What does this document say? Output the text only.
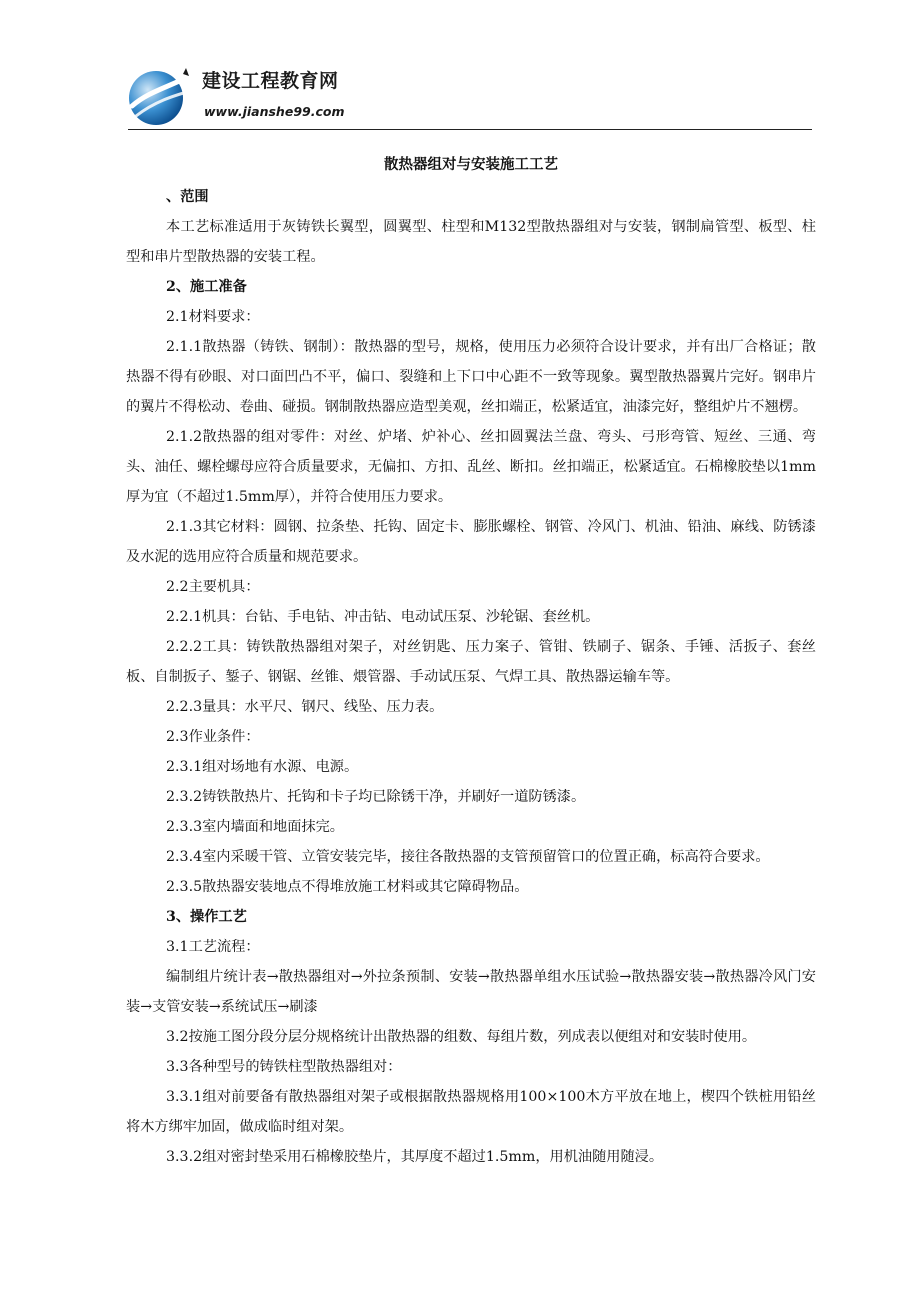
建设工程教育网
www.jianshe99.com
散热器组对与安装施工工艺
、范围
本工艺标准适用于灰铸铁长翼型，圆翼型、柱型和M132型散热器组对与安装，钢制扁管型、板型、柱型和串片型散热器的安装工程。
2、施工准备
2.1材料要求：
2.1.1散热器（铸铁、钢制）：散热器的型号，规格，使用压力必须符合设计要求，并有出厂合格证；散热器不得有砂眼、对口面凹凸不平，偏口、裂缝和上下口中心距不一致等现象。翼型散热器翼片完好。钢串片的翼片不得松动、卷曲、碰损。钢制散热器应造型美观，丝扣端正，松紧适宜，油漆完好，整组炉片不翘楞。
2.1.2散热器的组对零件：对丝、炉堵、炉补心、丝扣圆翼法兰盘、弯头、弓形弯管、短丝、三通、弯头、油任、螺栓螺母应符合质量要求，无偏扣、方扣、乱丝、断扣。丝扣端正，松紧适宜。石棉橡胶垫以1mm厚为宜（不超过1.5mm厚），并符合使用压力要求。
2.1.3其它材料：圆钢、拉条垫、托钩、固定卡、膨胀螺栓、钢管、冷风门、机油、铅油、麻线、防锈漆及水泥的选用应符合质量和规范要求。
2.2主要机具：
2.2.1机具：台钻、手电钻、冲击钻、电动试压泵、沙轮锯、套丝机。
2.2.2工具：铸铁散热器组对架子，对丝钥匙、压力案子、管钳、铁刷子、锯条、手锤、活扳子、套丝板、自制扳子、錾子、钢锯、丝锥、煨管器、手动试压泵、气焊工具、散热器运输车等。
2.2.3量具：水平尺、钢尺、线坠、压力表。
2.3作业条件：
2.3.1组对场地有水源、电源。
2.3.2铸铁散热片、托钩和卡子均已除锈干净，并刷好一道防锈漆。
2.3.3室内墙面和地面抹完。
2.3.4室内采暖干管、立管安装完毕，接往各散热器的支管预留管口的位置正确，标高符合要求。
2.3.5散热器安装地点不得堆放施工材料或其它障碍物品。
3、操作工艺
3.1工艺流程：
编制组片统计表→散热器组对→外拉条预制、安装→散热器单组水压试验→散热器安装→散热器冷风门安装→支管安装→系统试压→刷漆
3.2按施工图分段分层分规格统计出散热器的组数、每组片数，列成表以便组对和安装时使用。
3.3各种型号的铸铁柱型散热器组对：
3.3.1组对前要备有散热器组对架子或根据散热器规格用100×100木方平放在地上，楔四个铁桩用铅丝将木方绑牢加固，做成临时组对架。
3.3.2组对密封垫采用石棉橡胶垫片，其厚度不超过1.5mm，用机油随用随浸。
